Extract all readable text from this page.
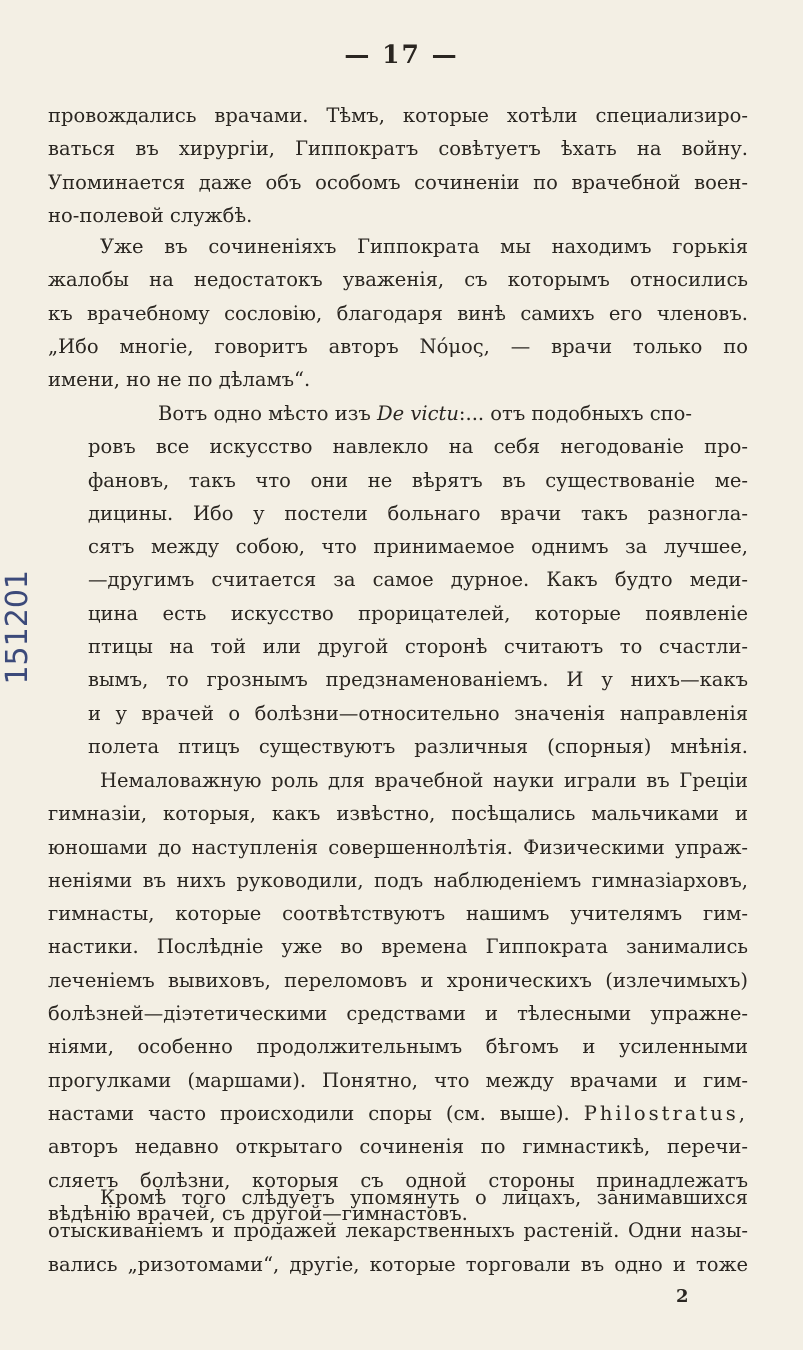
— 17 —
151201
провождались врачами. Тѣмъ, которые хотѣли специализиро-
ваться въ хирургіи, Гиппократъ совѣтуетъ ѣхать на войну.
Упоминается даже объ особомъ сочиненіи по врачебной воен-
но-полевой службѣ.
Уже въ сочиненіяхъ Гиппократа мы находимъ горькія
жалобы на недостатокъ уваженія, съ которымъ относились
къ врачебному сословію, благодаря винѣ самихъ его членовъ.
„Ибо многіе, говоритъ авторъ Νόμος, — врачи только по
имени, но не по дѣламъ“.
Вотъ одно мѣсто изъ De victu:... отъ подобныхъ спо-
ровъ все искусство навлекло на себя негодованіе про-
фановъ, такъ что они не вѣрятъ въ существованіе ме-
дицины. Ибо у постели больнаго врачи такъ разногла-
сятъ между собою, что принимаемое однимъ за лучшее,
—другимъ считается за самое дурное. Какъ будто меди-
цина есть искусство прорицателей, которые появленіе
птицы на той или другой сторонѣ считаютъ то счастли-
вымъ, то грознымъ предзнаменованіемъ. И у нихъ—какъ
и у врачей о болѣзни—относительно значенія направленія
полета птицъ существуютъ различныя (спорныя) мнѣнія.
Немаловажную роль для врачебной науки играли въ Греціи
гимназіи, которыя, какъ извѣстно, посѣщались мальчиками и
юношами до наступленія совершеннолѣтія. Физическими упраж-
неніями въ нихъ руководили, подъ наблюденіемъ гимназіарховъ,
гимнасты, которые соотвѣтствуютъ нашимъ учителямъ гим-
настики. Послѣдніе уже во времена Гиппократа занимались
леченіемъ вывиховъ, переломовъ и хроническихъ (излечимыхъ)
болѣзней—діэтетическими средствами и тѣлесными упражне-
ніями, особенно продолжительнымъ бѣгомъ и усиленными
прогулками (маршами). Понятно, что между врачами и гим-
настами часто происходили споры (см. выше). Philostratus,
авторъ недавно открытаго сочиненія по гимнастикѣ, перечи-
сляетъ болѣзни, которыя съ одной стороны принадлежатъ
вѣдѣнію врачей, съ другой—гимнастовъ.
Кромѣ того слѣдуетъ упомянуть о лицахъ, занимавшихся
отыскиваніемъ и продажей лекарственныхъ растеній. Одни назы-
вались „ризотомами“, другіе, которые торговали въ одно и тоже
2
